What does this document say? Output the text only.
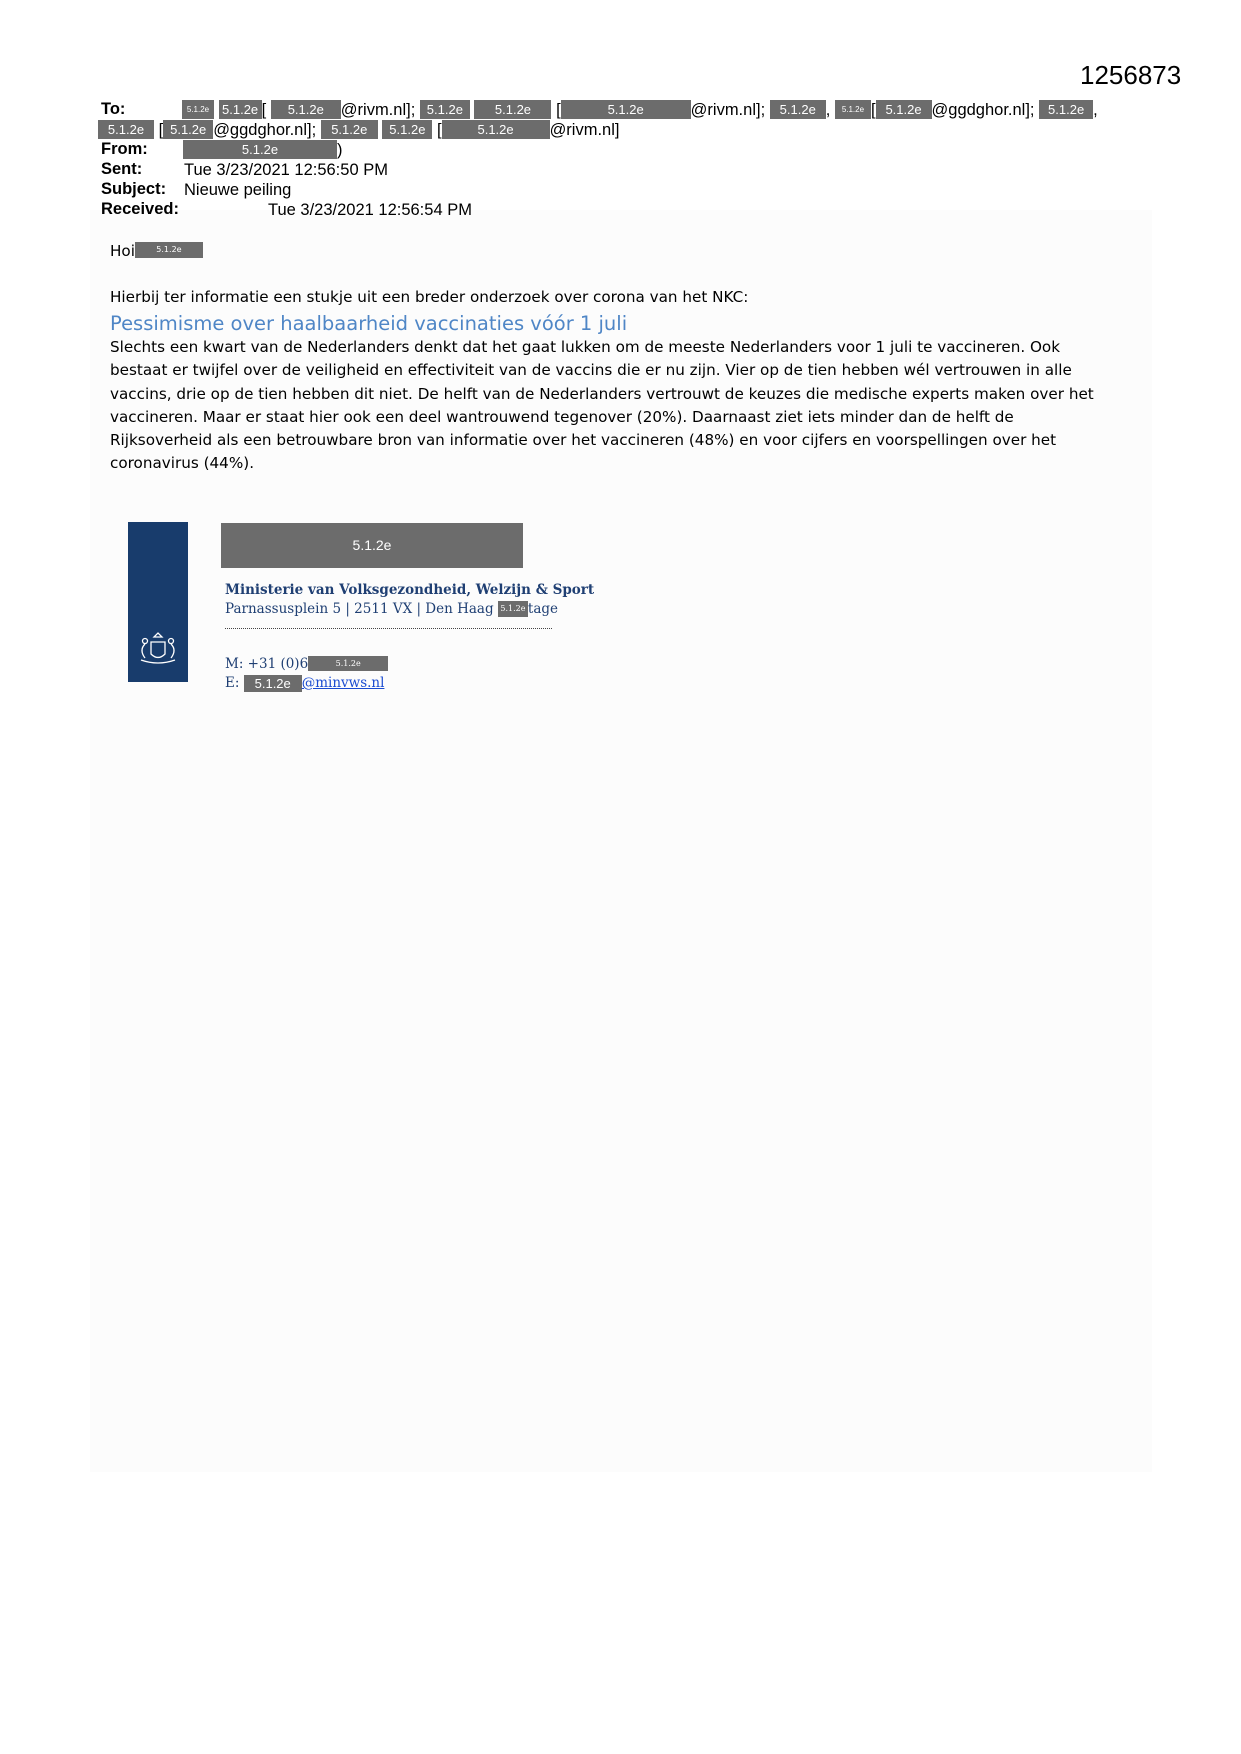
1256873
To:	5.1.2e 5.1.2e [ 5.1.2e @rivm.nl]; 5.1.2e 5.1.2e [	5.1.2e	@rivm.nl]; 5.1.2e , 5.1.2e [ 5.1.2e @ggdghor.nl]; 5.1.2e ,
5.1.2e [ 5.1.2e @ggdghor.nl]; 5.1.2e 5.1.2e [	5.1.2e @rivm.nl]
From:	5.1.2e	)
Sent:	Tue 3/23/2021 12:56:50 PM
Subject: Nieuwe peiling
Received:	Tue 3/23/2021 12:56:54 PM
Hoi	5.1.2e
Hierbij ter informatie een stukje uit een breder onderzoek over corona van het NKC:
Pessimisme over haalbaarheid vaccinaties vóór 1 juli
Slechts een kwart van de Nederlanders denkt dat het gaat lukken om de meeste Nederlanders voor 1 juli te vaccineren. Ook
bestaat er twijfel over de veiligheid en effectiviteit van de vaccins die er nu zijn. Vier op de tien hebben wél vertrouwen in alle
vaccins, drie op de tien hebben dit niet. De helft van de Nederlanders vertrouwt de keuzes die medische experts maken over het
vaccineren. Maar er staat hier ook een deel wantrouwend tegenover (20%). Daarnaast ziet iets minder dan de helft de
Rijksoverheid als een betrouwbare bron van informatie over het vaccineren (48%) en voor cijfers en voorspellingen over het
coronavirus (44%).
5.1.2e
Ministerie van Volksgezondheid, Welzijn & Sport
Parnassusplein 5 | 2511 VX | Den Haag 5.1.2e tage
M: +31 (0)6	5.1.2e
E: 5.1.2e @minvws.nl
